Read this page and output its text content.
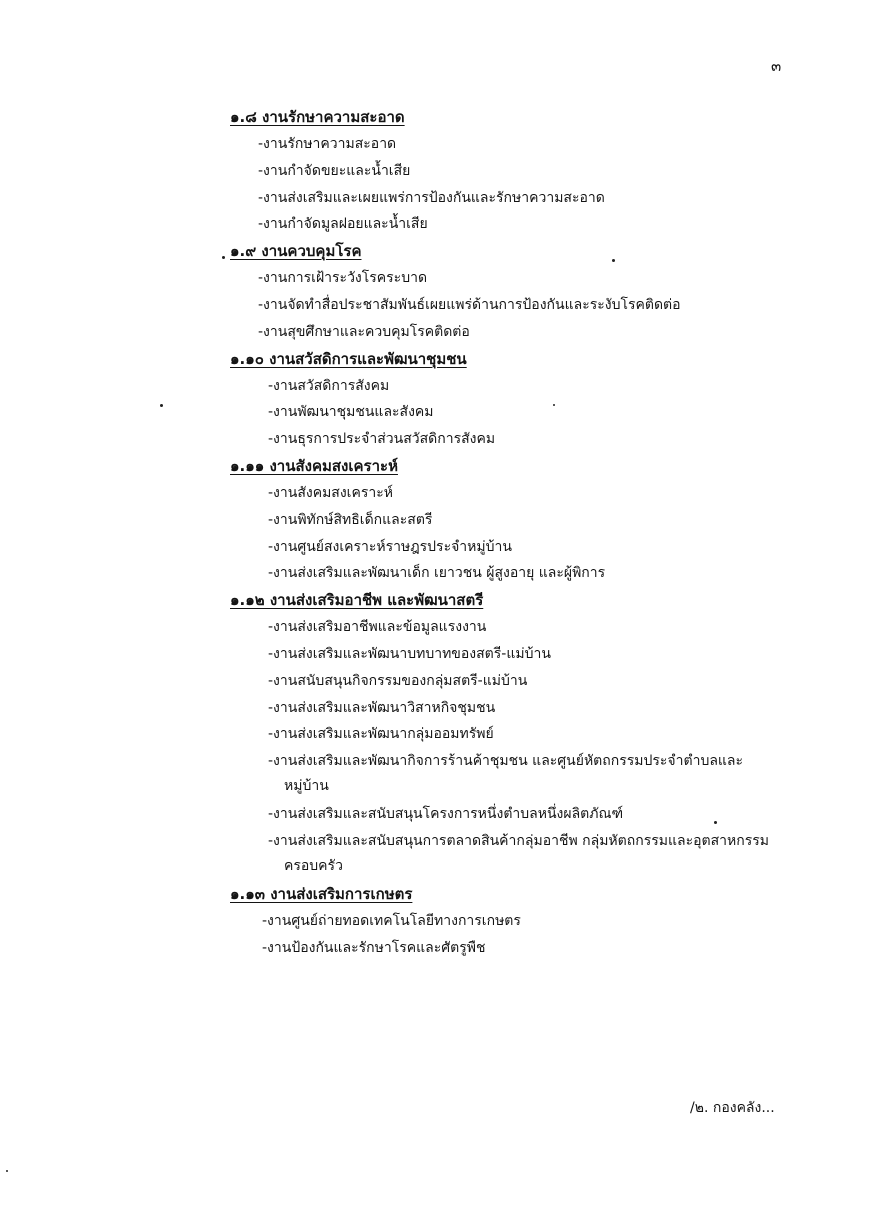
๓
๑.๘ งานรักษาความสะอาด
-งานรักษาความสะอาด
-งานกำจัดขยะและน้ำเสีย
-งานส่งเสริมและเผยแพร่การป้องกันและรักษาความสะอาด
-งานกำจัดมูลฝอยและน้ำเสีย
๑.๙ งานควบคุมโรค
-งานการเฝ้าระวังโรคระบาด
-งานจัดทำสื่อประชาสัมพันธ์เผยแพร่ด้านการป้องกันและระงับโรคติดต่อ
-งานสุขศึกษาและควบคุมโรคติดต่อ
๑.๑๐ งานสวัสดิการและพัฒนาชุมชน
-งานสวัสดิการสังคม
-งานพัฒนาชุมชนและสังคม
-งานธุรการประจำส่วนสวัสดิการสังคม
๑.๑๑ งานสังคมสงเคราะห์
-งานสังคมสงเคราะห์
-งานพิทักษ์สิทธิเด็กและสตรี
-งานศูนย์สงเคราะห์ราษฎรประจำหมู่บ้าน
-งานส่งเสริมและพัฒนาเด็ก เยาวชน ผู้สูงอายุ และผู้พิการ
๑.๑๒ งานส่งเสริมอาชีพ และพัฒนาสตรี
-งานส่งเสริมอาชีพและข้อมูลแรงงาน
-งานส่งเสริมและพัฒนาบทบาทของสตรี-แม่บ้าน
-งานสนับสนุนกิจกรรมของกลุ่มสตรี-แม่บ้าน
-งานส่งเสริมและพัฒนาวิสาหกิจชุมชน
-งานส่งเสริมและพัฒนากลุ่มออมทรัพย์
-งานส่งเสริมและพัฒนากิจการร้านค้าชุมชน และศูนย์หัตถกรรมประจำตำบลและ
หมู่บ้าน
-งานส่งเสริมและสนับสนุนโครงการหนึ่งตำบลหนึ่งผลิตภัณฑ์
-งานส่งเสริมและสนับสนุนการตลาดสินค้ากลุ่มอาชีพ กลุ่มหัตถกรรมและอุตสาหกรรม
ครอบครัว
๑.๑๓ งานส่งเสริมการเกษตร
-งานศูนย์ถ่ายทอดเทคโนโลยีทางการเกษตร
-งานป้องกันและรักษาโรคและศัตรูพืช
/๒. กองคลัง...
